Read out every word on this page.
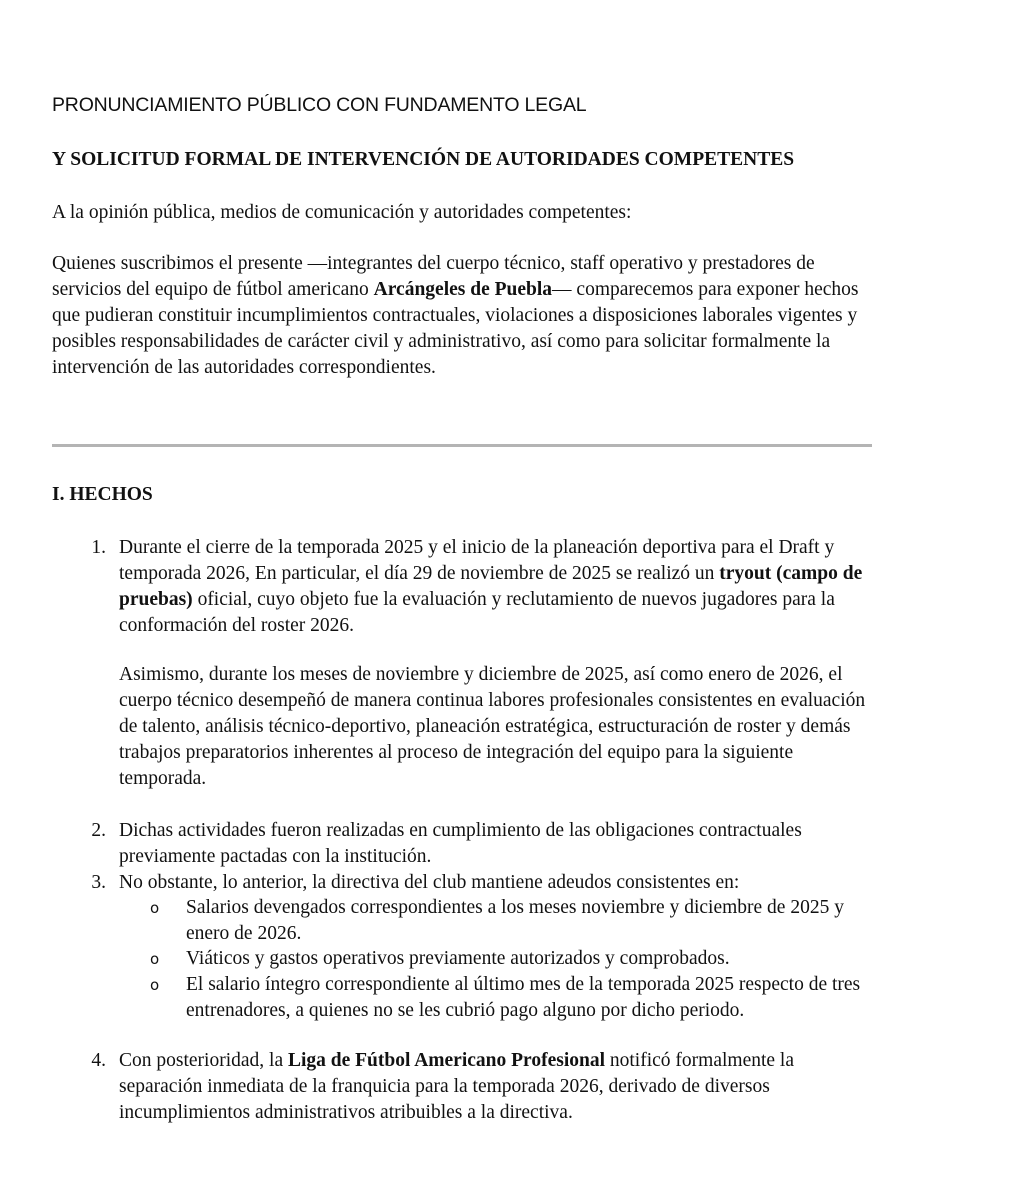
PRONUNCIAMIENTO PÚBLICO CON FUNDAMENTO LEGAL

Y SOLICITUD FORMAL DE INTERVENCIÓN DE AUTORIDADES COMPETENTES

A la opinión pública, medios de comunicación y autoridades competentes:

Quienes suscribimos el presente —integrantes del cuerpo técnico, staff operativo y prestadores de servicios del equipo de fútbol americano Arcángeles de Puebla— comparecemos para exponer hechos que pudieran constituir incumplimientos contractuales, violaciones a disposiciones laborales vigentes y posibles responsabilidades de carácter civil y administrativo, así como para solicitar formalmente la intervención de las autoridades correspondientes.

I. HECHOS

1. Durante el cierre de la temporada 2025 y el inicio de la planeación deportiva para el Draft y temporada 2026, En particular, el día 29 de noviembre de 2025 se realizó un tryout (campo de pruebas) oficial, cuyo objeto fue la evaluación y reclutamiento de nuevos jugadores para la conformación del roster 2026.
Asimismo, durante los meses de noviembre y diciembre de 2025, así como enero de 2026, el cuerpo técnico desempeñó de manera continua labores profesionales consistentes en evaluación de talento, análisis técnico-deportivo, planeación estratégica, estructuración de roster y demás trabajos preparatorios inherentes al proceso de integración del equipo para la siguiente temporada.
2. Dichas actividades fueron realizadas en cumplimiento de las obligaciones contractuales previamente pactadas con la institución.
3. No obstante, lo anterior, la directiva del club mantiene adeudos consistentes en:
o Salarios devengados correspondientes a los meses noviembre y diciembre de 2025 y enero de 2026.
o Viáticos y gastos operativos previamente autorizados y comprobados.
o El salario íntegro correspondiente al último mes de la temporada 2025 respecto de tres entrenadores, a quienes no se les cubrió pago alguno por dicho periodo.
4. Con posterioridad, la Liga de Fútbol Americano Profesional notificó formalmente la separación inmediata de la franquicia para la temporada 2026, derivado de diversos incumplimientos administrativos atribuibles a la directiva.
